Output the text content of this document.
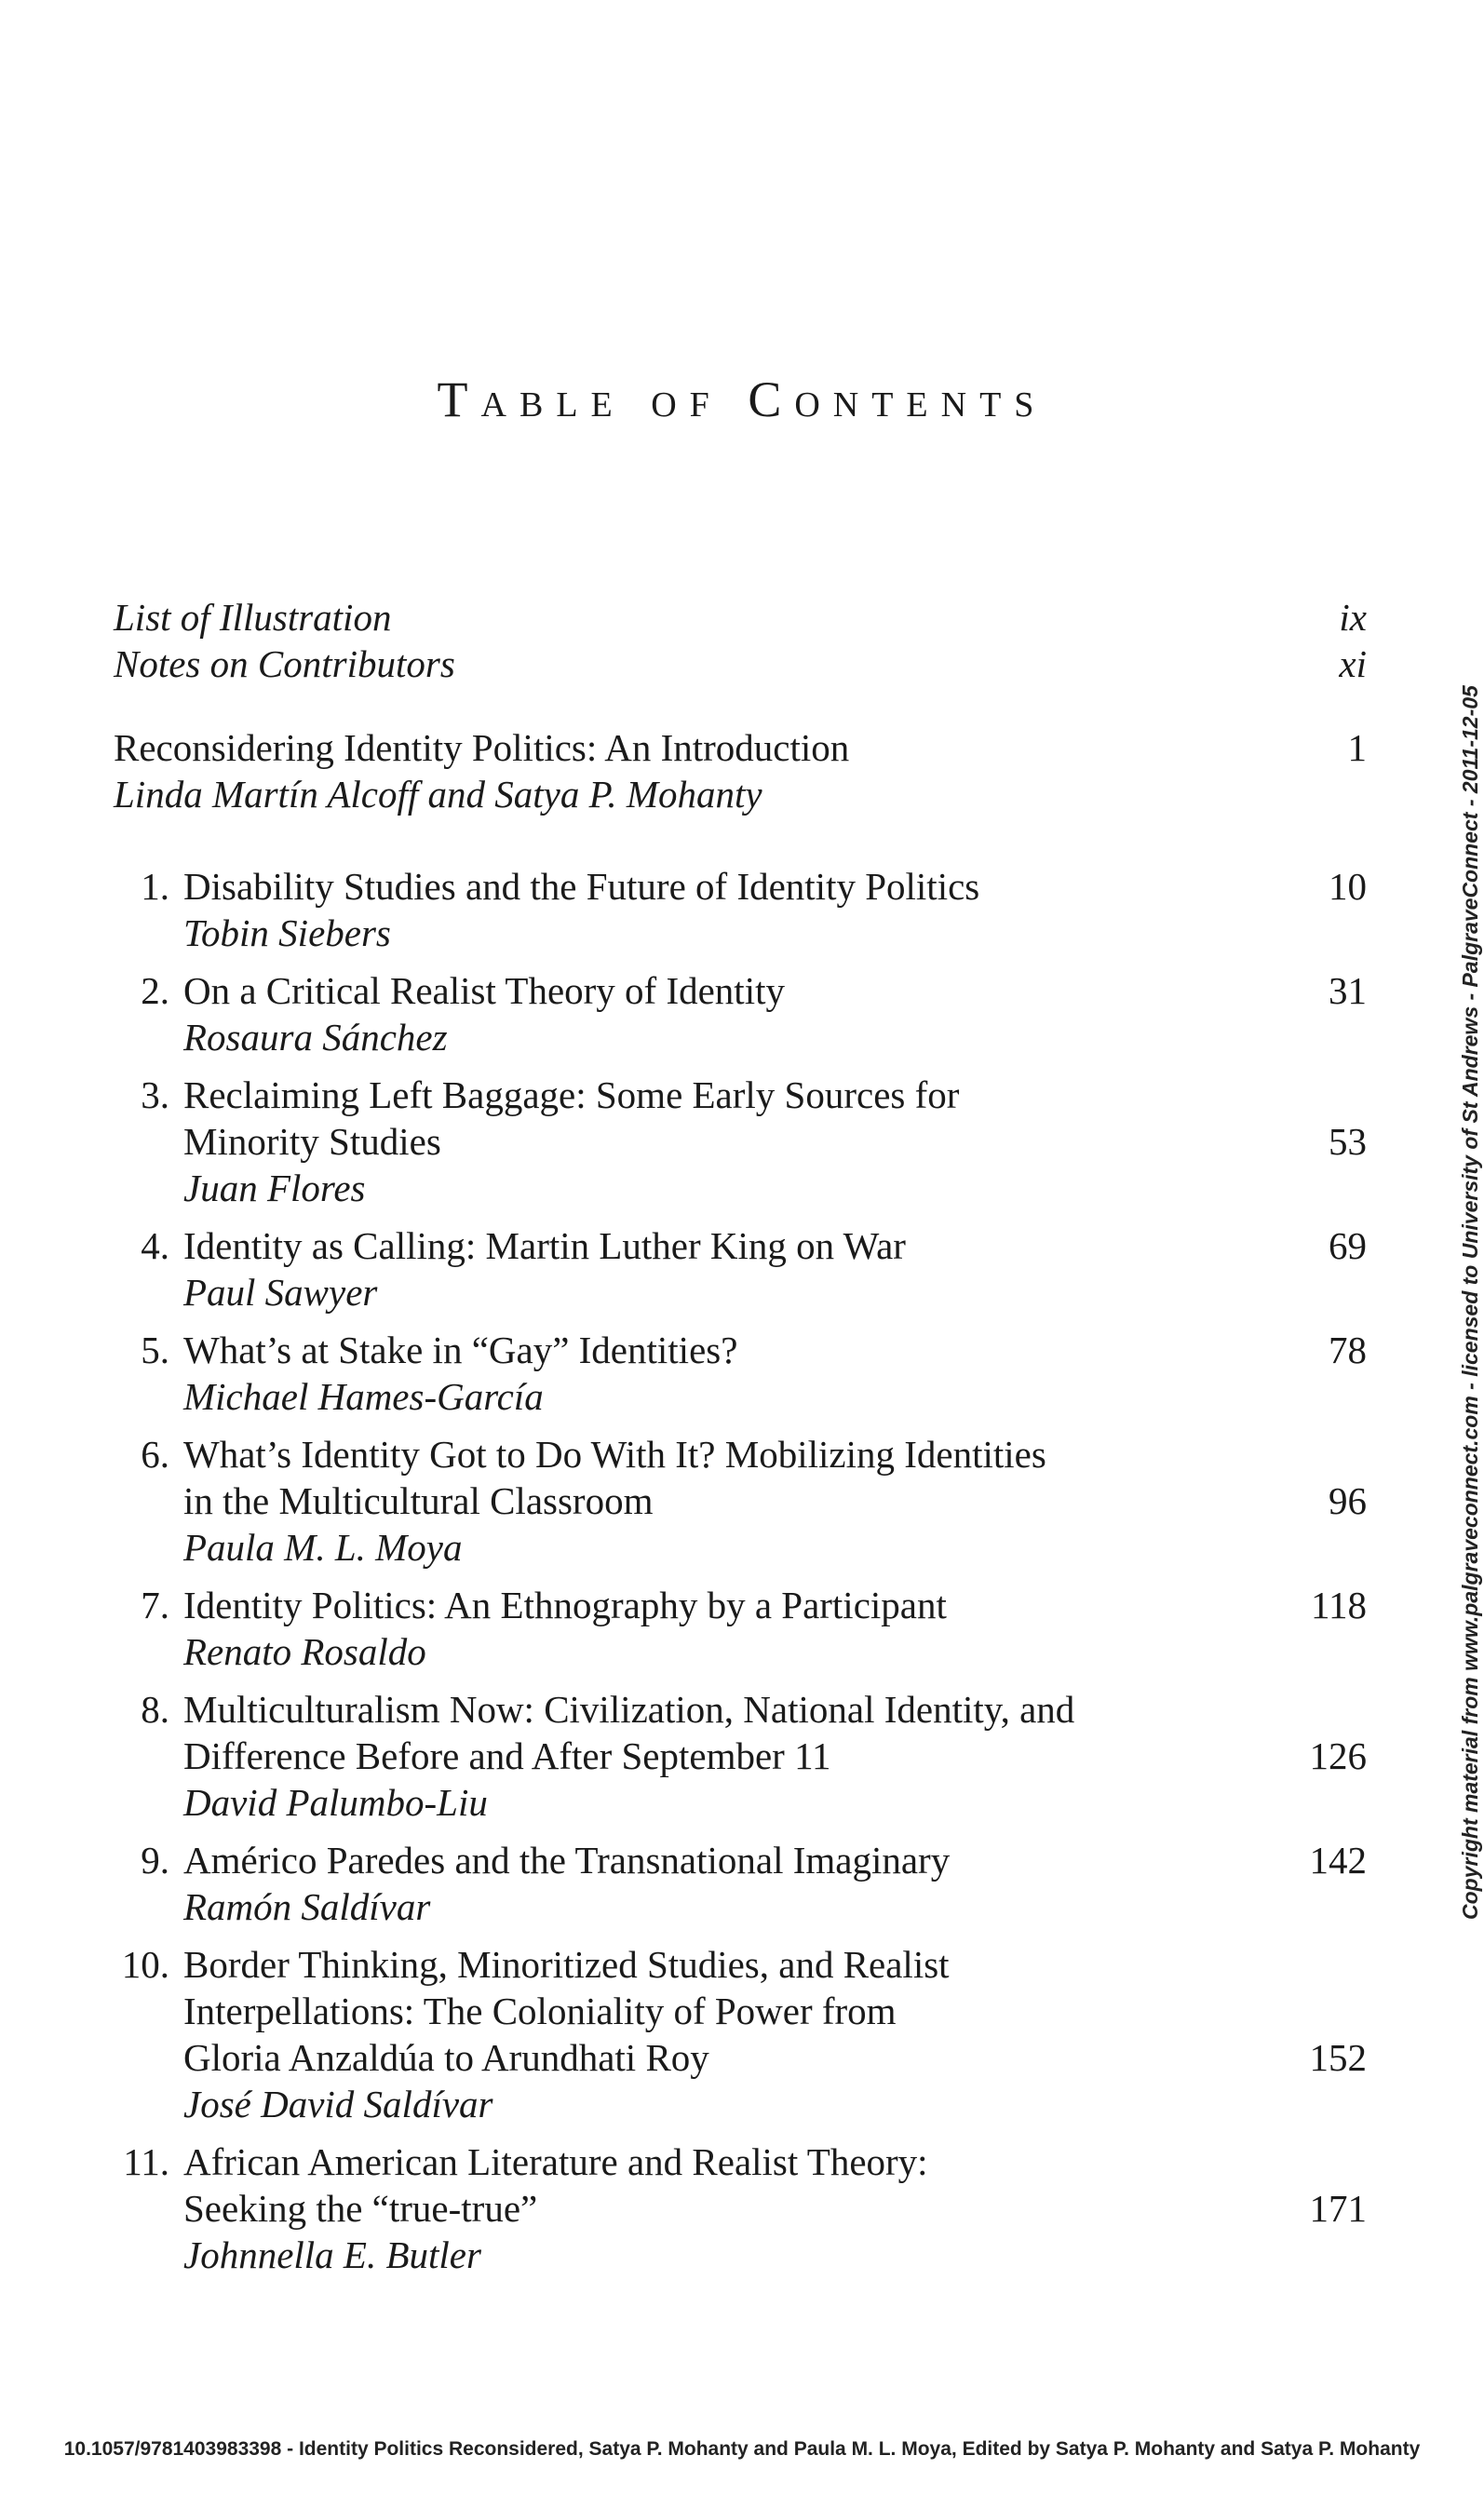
Table of Contents
List of Illustration	ix
Notes on Contributors	xi
Reconsidering Identity Politics: An Introduction	1
Linda Martín Alcoff and Satya P. Mohanty
1. Disability Studies and the Future of Identity Politics	10
Tobin Siebers
2. On a Critical Realist Theory of Identity	31
Rosaura Sánchez
3. Reclaiming Left Baggage: Some Early Sources for
Minority Studies	53
Juan Flores
4. Identity as Calling: Martin Luther King on War	69
Paul Sawyer
5. What’s at Stake in “Gay” Identities?	78
Michael Hames-García
6. What’s Identity Got to Do With It? Mobilizing Identities
in the Multicultural Classroom	96
Paula M. L. Moya
7. Identity Politics: An Ethnography by a Participant	118
Renato Rosaldo
8. Multiculturalism Now: Civilization, National Identity, and
Difference Before and After September 11	126
David Palumbo-Liu
9. Américo Paredes and the Transnational Imaginary	142
Ramón Saldívar
10. Border Thinking, Minoritized Studies, and Realist
Interpellations: The Coloniality of Power from
Gloria Anzaldúa to Arundhati Roy	152
José David Saldívar
11. African American Literature and Realist Theory:
Seeking the “true-true”	171
Johnnella E. Butler
Copyright material from www.palgraveconnect.com - licensed to University of St Andrews - PalgraveConnect - 2011-12-05
10.1057/9781403983398 - Identity Politics Reconsidered, Satya P. Mohanty and Paula M. L. Moya, Edited by Satya P. Mohanty and Satya P. Mohanty
